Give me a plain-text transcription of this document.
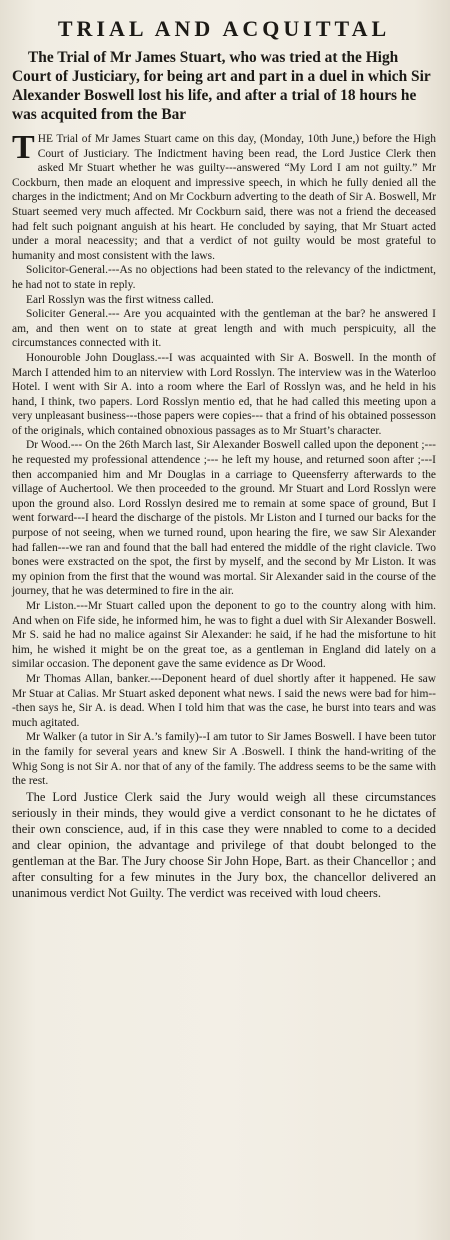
TRIAL AND ACQUITTAL
The Trial of Mr James Stuart, who was tried at the High Court of Justiciary, for being art and part in a duel in which Sir Alexander Boswell lost his life, and after a trial of 18 hours he was acquited from the Bar

THE Trial of Mr James Stuart came on this day, (Monday, 10th June,) before the High Court of Justiciary. The Indictment having been read, the Lord Justice Clerk then asked Mr Stuart whether he was guilty---answered “My Lord I am not guilty.” Mr Cockburn, then made an eloquent and impressive speech, in which he fully denied all the charges in the indictment; And on Mr Cockburn adverting to the death of Sir A. Boswell, Mr Stuart seemed very much affected. Mr Cockburn said, there was not a friend the deceased had felt such poignant anguish at his heart. He concluded by saying, that Mr Stuart acted under a moral neacessity; and that a verdict of not guilty would be most grateful to humanity and most consistent with the laws.

Solicitor-General.---As no objections had been stated to the relevancy of the indictment, he had not to state in reply.

Earl Rosslyn was the first witness called.

Soliciter General.--- Are you acquainted with the gentleman at the bar? he answered I am, and then went on to state at great length and with much perspicuity, all the circumstances connected with it.

Honouroble John Douglass.---I was acquainted with Sir A. Boswell. In the month of March I attended him to an niterview with Lord Rosslyn. The interview was in the Waterloo Hotel. I went with Sir A. into a room where the Earl of Rosslyn was, and he held in his hand, I think, two papers. Lord Rosslyn mentio ed, that he had called this meeting upon a very unpleasant business---those papers were copies--- that a frind of his obtained possesson of the originals, which contained obnoxious passages as to Mr Stuart’s character.

Dr Wood.--- On the 26th March last, Sir Alexander Boswell called upon the deponent ;---he requested my professional attendence ;--- he left my house, and returned soon after ;---I then accompanied him and Mr Douglas in a carriage to Queensferry afterwards to the village of Auchertool. We then proceeded to the ground. Mr Stuart and Lord Rosslyn were upon the ground also. Lord Rosslyn desired me to remain at some space of ground, But I went forward---I heard the discharge of the pistols. Mr Liston and I turned our backs for the purpose of not seeing, when we turned round, upon hearing the fire, we saw Sir Alexander had fallen---we ran and found that the ball had entered the middle of the right clavicle. Two bones were exstracted on the spot, the first by myself, and the second by Mr Liston. It was my opinion from the first that the wound was mortal. Sir Alexander said in the course of the journey, that he was determined to fire in the air.

Mr Liston.---Mr Stuart called upon the deponent to go to the country along with him. And when on Fife side, he informed him, he was to fight a duel with Sir Alexander Boswell. Mr S. said he had no malice against Sir Alexander: he said, if he had the misfortune to hit him, he wished it might be on the great toe, as a gentleman in England did lately on a similar occasion. The deponent gave the same evidence as Dr Wood.

Mr Thomas Allan, banker.---Deponent heard of duel shortly after it happened. He saw Mr Stuar at Calias. Mr Stuart asked deponent what news. I said the news were bad for him---then says he, Sir A. is dead. When I told him that was the case, he burst into tears and was much agitated.

Mr Walker (a tutor in Sir A.’s family)--I am tutor to Sir James Boswell. I have been tutor in the family for several years and knew Sir A .Boswell. I think the hand-writing of the Whig Song is not Sir A. nor that of any of the family. The address seems to be the same with the rest.

The Lord Justice Clerk said the Jury would weigh all these circumstances seriously in their minds, they would give a verdict consonant to he he dictates of their own conscience, aud, if in this case they were nnabled to come to a decided and clear opinion, the advantage and privilege of that doubt belonged to the gentleman at the Bar. The Jury choose Sir John Hope, Bart. as their Chancellor ; and after consulting for a few minutes in the Jury box, the chancellor delivered an unanimous verdict Not Guilty. The verdict was received with loud cheers.
